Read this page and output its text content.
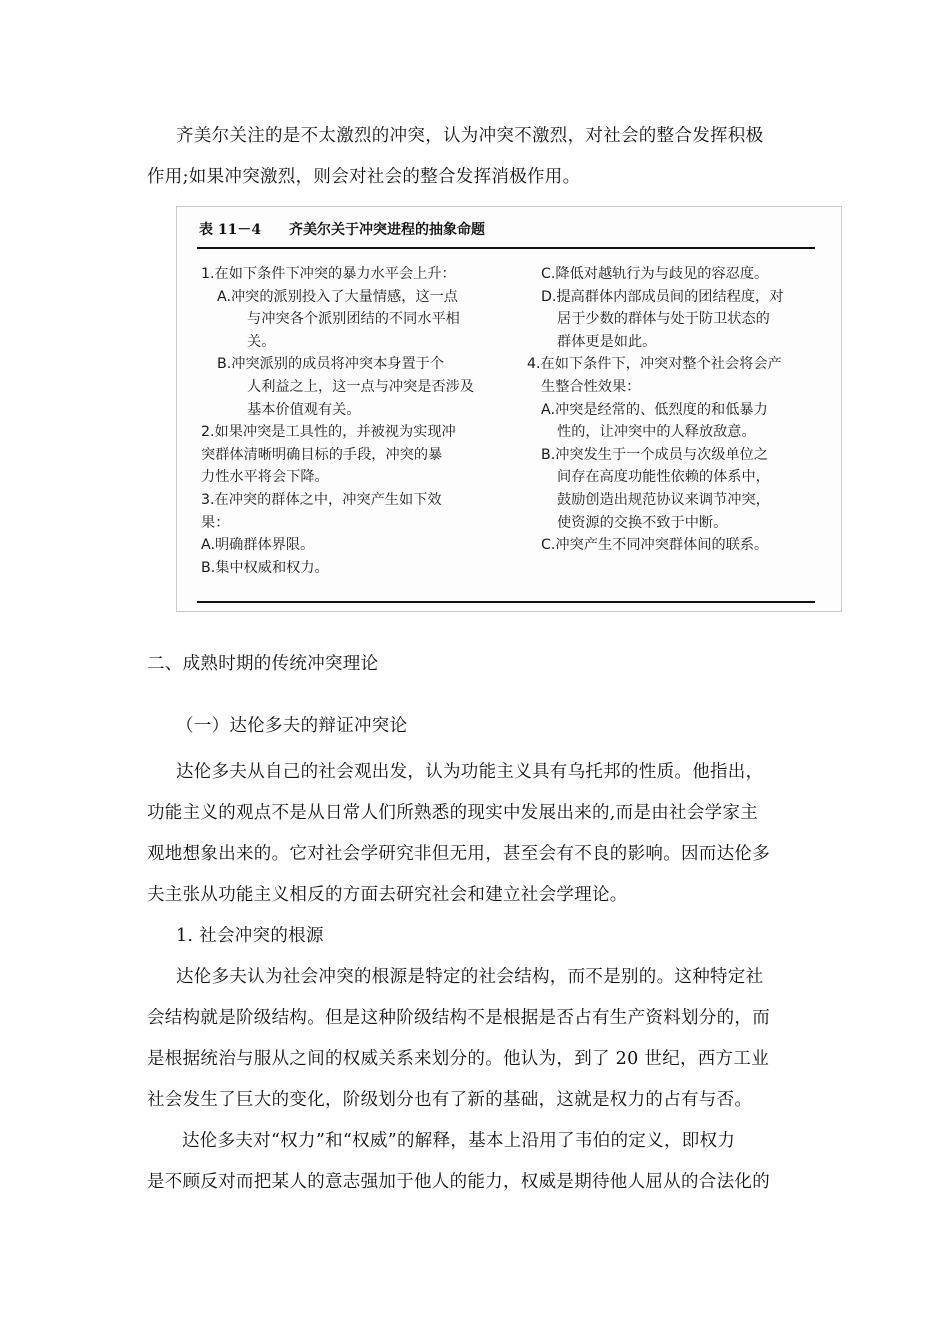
齐美尔关注的是不太激烈的冲突，认为冲突不激烈，对社会的整合发挥积极
作用;如果冲突激烈，则会对社会的整合发挥消极作用。
表 11－4 齐美尔关于冲突进程的抽象命题
1.在如下条件下冲突的暴力水平会上升：
A.冲突的派别投入了大量情感，这一点
与冲突各个派别团结的不同水平相
关。
B.冲突派别的成员将冲突本身置于个
人利益之上，这一点与冲突是否涉及
基本价值观有关。
2.如果冲突是工具性的，并被视为实现冲
突群体清晰明确目标的手段，冲突的暴
力性水平将会下降。
3.在冲突的群体之中，冲突产生如下效
果：
A.明确群体界限。
B.集中权威和权力。
C.降低对越轨行为与歧见的容忍度。
D.提高群体内部成员间的团结程度，对
居于少数的群体与处于防卫状态的
群体更是如此。
4.在如下条件下，冲突对整个社会将会产
生整合性效果：
A.冲突是经常的、低烈度的和低暴力
性的，让冲突中的人释放敌意。
B.冲突发生于一个成员与次级单位之
间存在高度功能性依赖的体系中，
鼓励创造出规范协议来调节冲突，
使资源的交换不致于中断。
C.冲突产生不同冲突群体间的联系。
二、成熟时期的传统冲突理论
（一）达伦多夫的辩证冲突论
达伦多夫从自己的社会观出发，认为功能主义具有乌托邦的性质。他指出，
功能主义的观点不是从日常人们所熟悉的现实中发展出来的,而是由社会学家主
观地想象出来的。它对社会学研究非但无用，甚至会有不良的影响。因而达伦多
夫主张从功能主义相反的方面去研究社会和建立社会学理论。
1. 社会冲突的根源
达伦多夫认为社会冲突的根源是特定的社会结构，而不是别的。这种特定社
会结构就是阶级结构。但是这种阶级结构不是根据是否占有生产资料划分的，而
是根据统治与服从之间的权威关系来划分的。他认为，到了 20 世纪，西方工业
社会发生了巨大的变化，阶级划分也有了新的基础，这就是权力的占有与否。
达伦多夫对“权力”和“权威”的解释，基本上沿用了韦伯的定义，即权力
是不顾反对而把某人的意志强加于他人的能力，权威是期待他人屈从的合法化的
